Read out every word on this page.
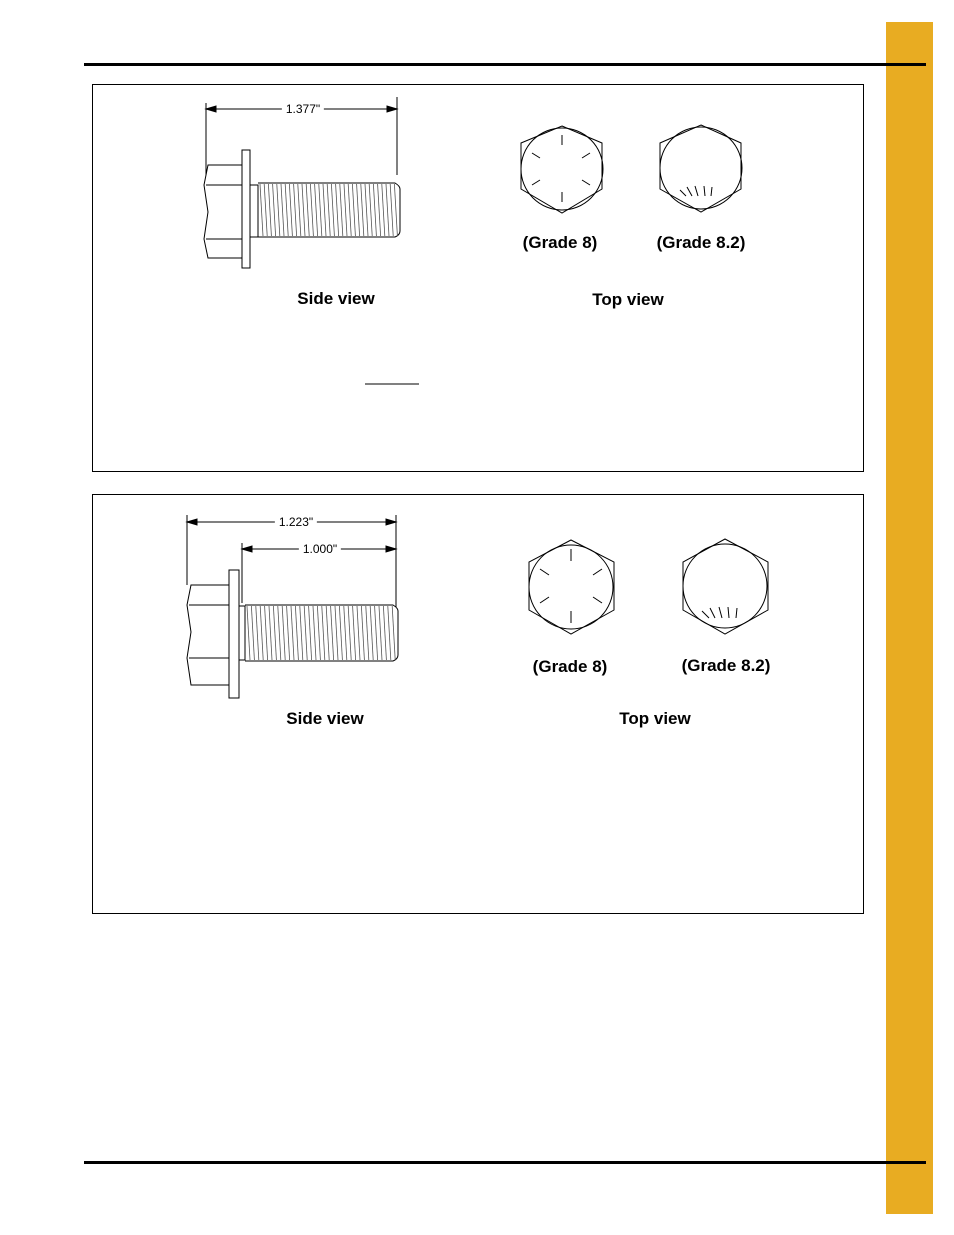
1.377"
(Grade 8)	(Grade 8.2)
Side view	Top view
1.223"
1.000"
(Grade 8)	(Grade 8.2)
Side view	Top view
